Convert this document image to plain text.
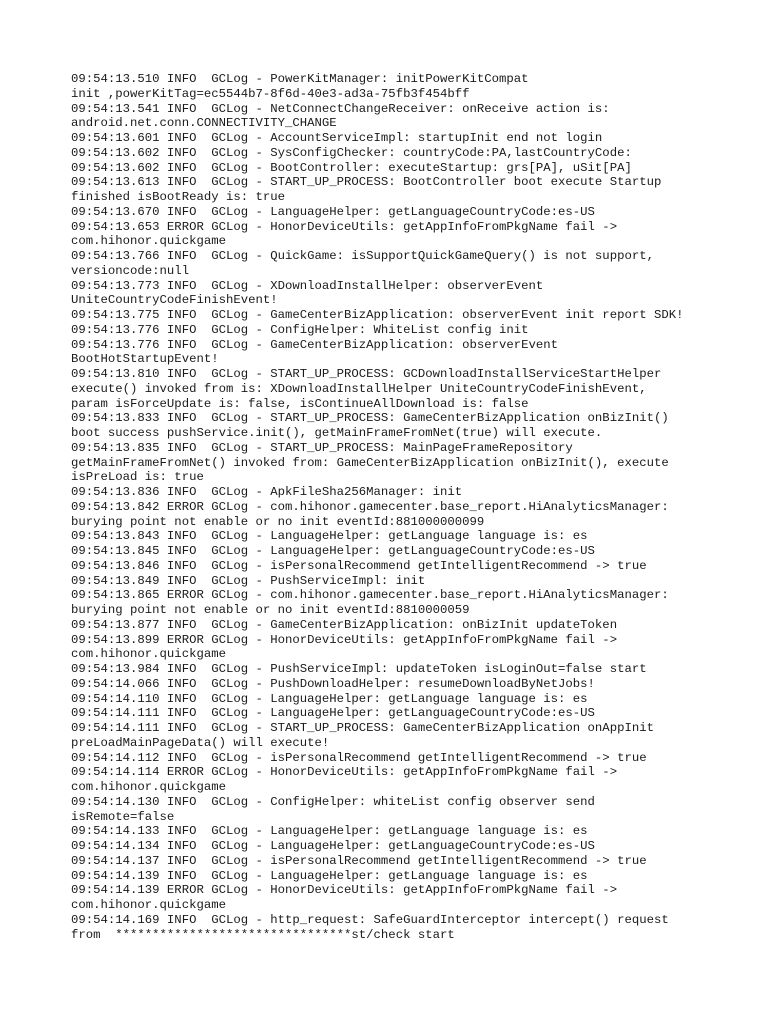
09:54:13.510 INFO  GCLog - PowerKitManager: initPowerKitCompat
init ,powerKitTag=ec5544b7-8f6d-40e3-ad3a-75fb3f454bff
09:54:13.541 INFO  GCLog - NetConnectChangeReceiver: onReceive action is:
android.net.conn.CONNECTIVITY_CHANGE
09:54:13.601 INFO  GCLog - AccountServiceImpl: startupInit end not login
09:54:13.602 INFO  GCLog - SysConfigChecker: countryCode:PA,lastCountryCode:
09:54:13.602 INFO  GCLog - BootController: executeStartup: grs[PA], uSit[PA]
09:54:13.613 INFO  GCLog - START_UP_PROCESS: BootController boot execute Startup
finished isBootReady is: true
09:54:13.670 INFO  GCLog - LanguageHelper: getLanguageCountryCode:es-US
09:54:13.653 ERROR GCLog - HonorDeviceUtils: getAppInfoFromPkgName fail ->
com.hihonor.quickgame
09:54:13.766 INFO  GCLog - QuickGame: isSupportQuickGameQuery() is not support,
versioncode:null
09:54:13.773 INFO  GCLog - XDownloadInstallHelper: observerEvent
UniteCountryCodeFinishEvent!
09:54:13.775 INFO  GCLog - GameCenterBizApplication: observerEvent init report SDK!
09:54:13.776 INFO  GCLog - ConfigHelper: WhiteList config init
09:54:13.776 INFO  GCLog - GameCenterBizApplication: observerEvent
BootHotStartupEvent!
09:54:13.810 INFO  GCLog - START_UP_PROCESS: GCDownloadInstallServiceStartHelper
execute() invoked from is: XDownloadInstallHelper UniteCountryCodeFinishEvent,
param isForceUpdate is: false, isContinueAllDownload is: false
09:54:13.833 INFO  GCLog - START_UP_PROCESS: GameCenterBizApplication onBizInit()
boot success pushService.init(), getMainFrameFromNet(true) will execute.
09:54:13.835 INFO  GCLog - START_UP_PROCESS: MainPageFrameRepository
getMainFrameFromNet() invoked from: GameCenterBizApplication onBizInit(), execute
isPreLoad is: true
09:54:13.836 INFO  GCLog - ApkFileSha256Manager: init
09:54:13.842 ERROR GCLog - com.hihonor.gamecenter.base_report.HiAnalyticsManager:
burying point not enable or no init eventId:881000000099
09:54:13.843 INFO  GCLog - LanguageHelper: getLanguage language is: es
09:54:13.845 INFO  GCLog - LanguageHelper: getLanguageCountryCode:es-US
09:54:13.846 INFO  GCLog - isPersonalRecommend getIntelligentRecommend -> true
09:54:13.849 INFO  GCLog - PushServiceImpl: init
09:54:13.865 ERROR GCLog - com.hihonor.gamecenter.base_report.HiAnalyticsManager:
burying point not enable or no init eventId:8810000059
09:54:13.877 INFO  GCLog - GameCenterBizApplication: onBizInit updateToken
09:54:13.899 ERROR GCLog - HonorDeviceUtils: getAppInfoFromPkgName fail ->
com.hihonor.quickgame
09:54:13.984 INFO  GCLog - PushServiceImpl: updateToken isLoginOut=false start
09:54:14.066 INFO  GCLog - PushDownloadHelper: resumeDownloadByNetJobs!
09:54:14.110 INFO  GCLog - LanguageHelper: getLanguage language is: es
09:54:14.111 INFO  GCLog - LanguageHelper: getLanguageCountryCode:es-US
09:54:14.111 INFO  GCLog - START_UP_PROCESS: GameCenterBizApplication onAppInit
preLoadMainPageData() will execute!
09:54:14.112 INFO  GCLog - isPersonalRecommend getIntelligentRecommend -> true
09:54:14.114 ERROR GCLog - HonorDeviceUtils: getAppInfoFromPkgName fail ->
com.hihonor.quickgame
09:54:14.130 INFO  GCLog - ConfigHelper: whiteList config observer send
isRemote=false
09:54:14.133 INFO  GCLog - LanguageHelper: getLanguage language is: es
09:54:14.134 INFO  GCLog - LanguageHelper: getLanguageCountryCode:es-US
09:54:14.137 INFO  GCLog - isPersonalRecommend getIntelligentRecommend -> true
09:54:14.139 INFO  GCLog - LanguageHelper: getLanguage language is: es
09:54:14.139 ERROR GCLog - HonorDeviceUtils: getAppInfoFromPkgName fail ->
com.hihonor.quickgame
09:54:14.169 INFO  GCLog - http_request: SafeGuardInterceptor intercept() request
from  ********************************st/check start
